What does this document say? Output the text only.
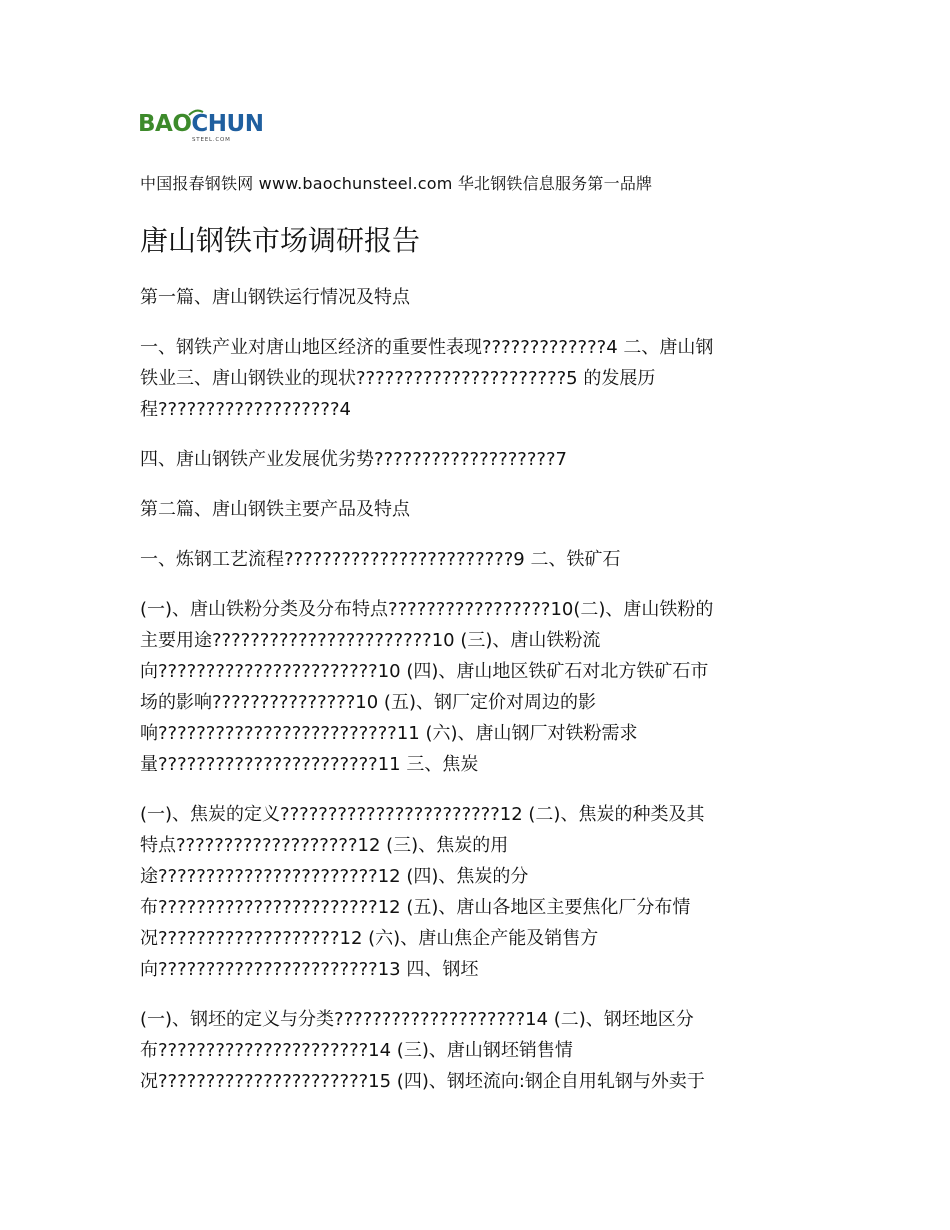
BAOCHUN
STEEL.COM
中国报春钢铁网 www.baochunsteel.com 华北钢铁信息服务第一品牌
唐山钢铁市场调研报告
第一篇、唐山钢铁运行情况及特点
一、钢铁产业对唐山地区经济的重要性表现?????????????4 二、唐山钢
铁业三、唐山钢铁业的现状??????????????????????5 的发展历
程???????????????????4
四、唐山钢铁产业发展优劣势???????????????????7
第二篇、唐山钢铁主要产品及特点
一、炼钢工艺流程????????????????????????9 二、铁矿石
(一)、唐山铁粉分类及分布特点?????????????????10(二)、唐山铁粉的
主要用途???????????????????????10 (三)、唐山铁粉流
向???????????????????????10 (四)、唐山地区铁矿石对北方铁矿石市
场的影响???????????????10 (五)、钢厂定价对周边的影
响?????????????????????????11 (六)、唐山钢厂对铁粉需求
量???????????????????????11 三、焦炭
(一)、焦炭的定义???????????????????????12 (二)、焦炭的种类及其
特点???????????????????12 (三)、焦炭的用
途???????????????????????12 (四)、焦炭的分
布???????????????????????12 (五)、唐山各地区主要焦化厂分布情
况???????????????????12 (六)、唐山焦企产能及销售方
向???????????????????????13 四、钢坯
(一)、钢坯的定义与分类????????????????????14 (二)、钢坯地区分
布??????????????????????14 (三)、唐山钢坯销售情
况??????????????????????15 (四)、钢坯流向:钢企自用轧钢与外卖于
